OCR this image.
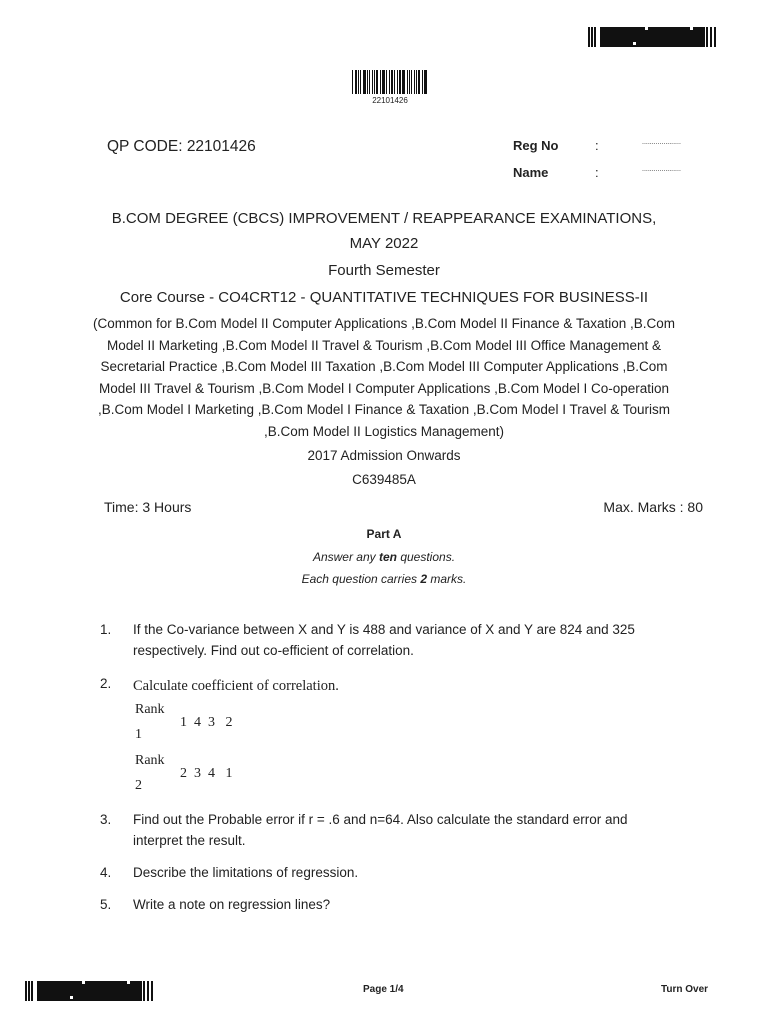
22101426
QP CODE: 22101426	Reg No	:	....................
Name	:	....................
B.COM DEGREE (CBCS) IMPROVEMENT / REAPPEARANCE EXAMINATIONS,
MAY 2022
Fourth Semester
Core Course - CO4CRT12 - QUANTITATIVE TECHNIQUES FOR BUSINESS-II
(Common for B.Com Model II Computer Applications ,B.Com Model II Finance & Taxation ,B.Com
Model II Marketing ,B.Com Model II Travel & Tourism ,B.Com Model III Office Management &
Secretarial Practice ,B.Com Model III Taxation ,B.Com Model III Computer Applications ,B.Com
Model III Travel & Tourism ,B.Com Model I Computer Applications ,B.Com Model I Co-operation
,B.Com Model I Marketing ,B.Com Model I Finance & Taxation ,B.Com Model I Travel & Tourism
,B.Com Model II Logistics Management)
2017 Admission Onwards
C639485A
Time: 3 Hours	Max. Marks : 80
Part A
Answer any ten questions.
Each question carries 2 marks.
1. If the Co-variance between X and Y is 488 and variance of X and Y are 824 and 325
respectively. Find out co-efficient of correlation.
2. Calculate coefficient of correlation.
Rank
1
1  4  3   2
Rank
2
2  3  4   1
3. Find out the Probable error if r = .6 and n=64. Also calculate the standard error and
interpret the result.
4. Describe the limitations of regression.
5. Write a note on regression lines?
Page 1/4	Turn Over
